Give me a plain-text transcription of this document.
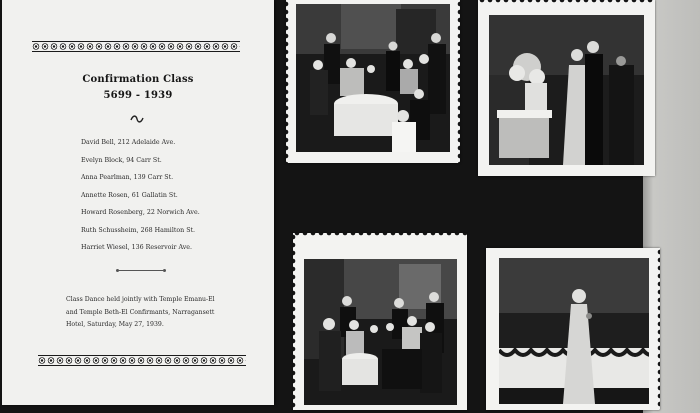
Confirmation Class
5699 - 1939
David Bell, 212 Adelaide Ave.
Evelyn Block, 94 Carr St.
Anna Pearlman, 139 Carr St.
Annette Rosen, 61 Gallatin St.
Howard Rosenberg, 22 Norwich Ave.
Ruth Schussheim, 268 Hamilton St.
Harriet Wiesel, 136 Reservoir Ave.
Class Dance held jointly with Temple Emanu-El
and Temple Beth-El Confirmants, Narragansett
Hotel, Saturday, May 27, 1939.
